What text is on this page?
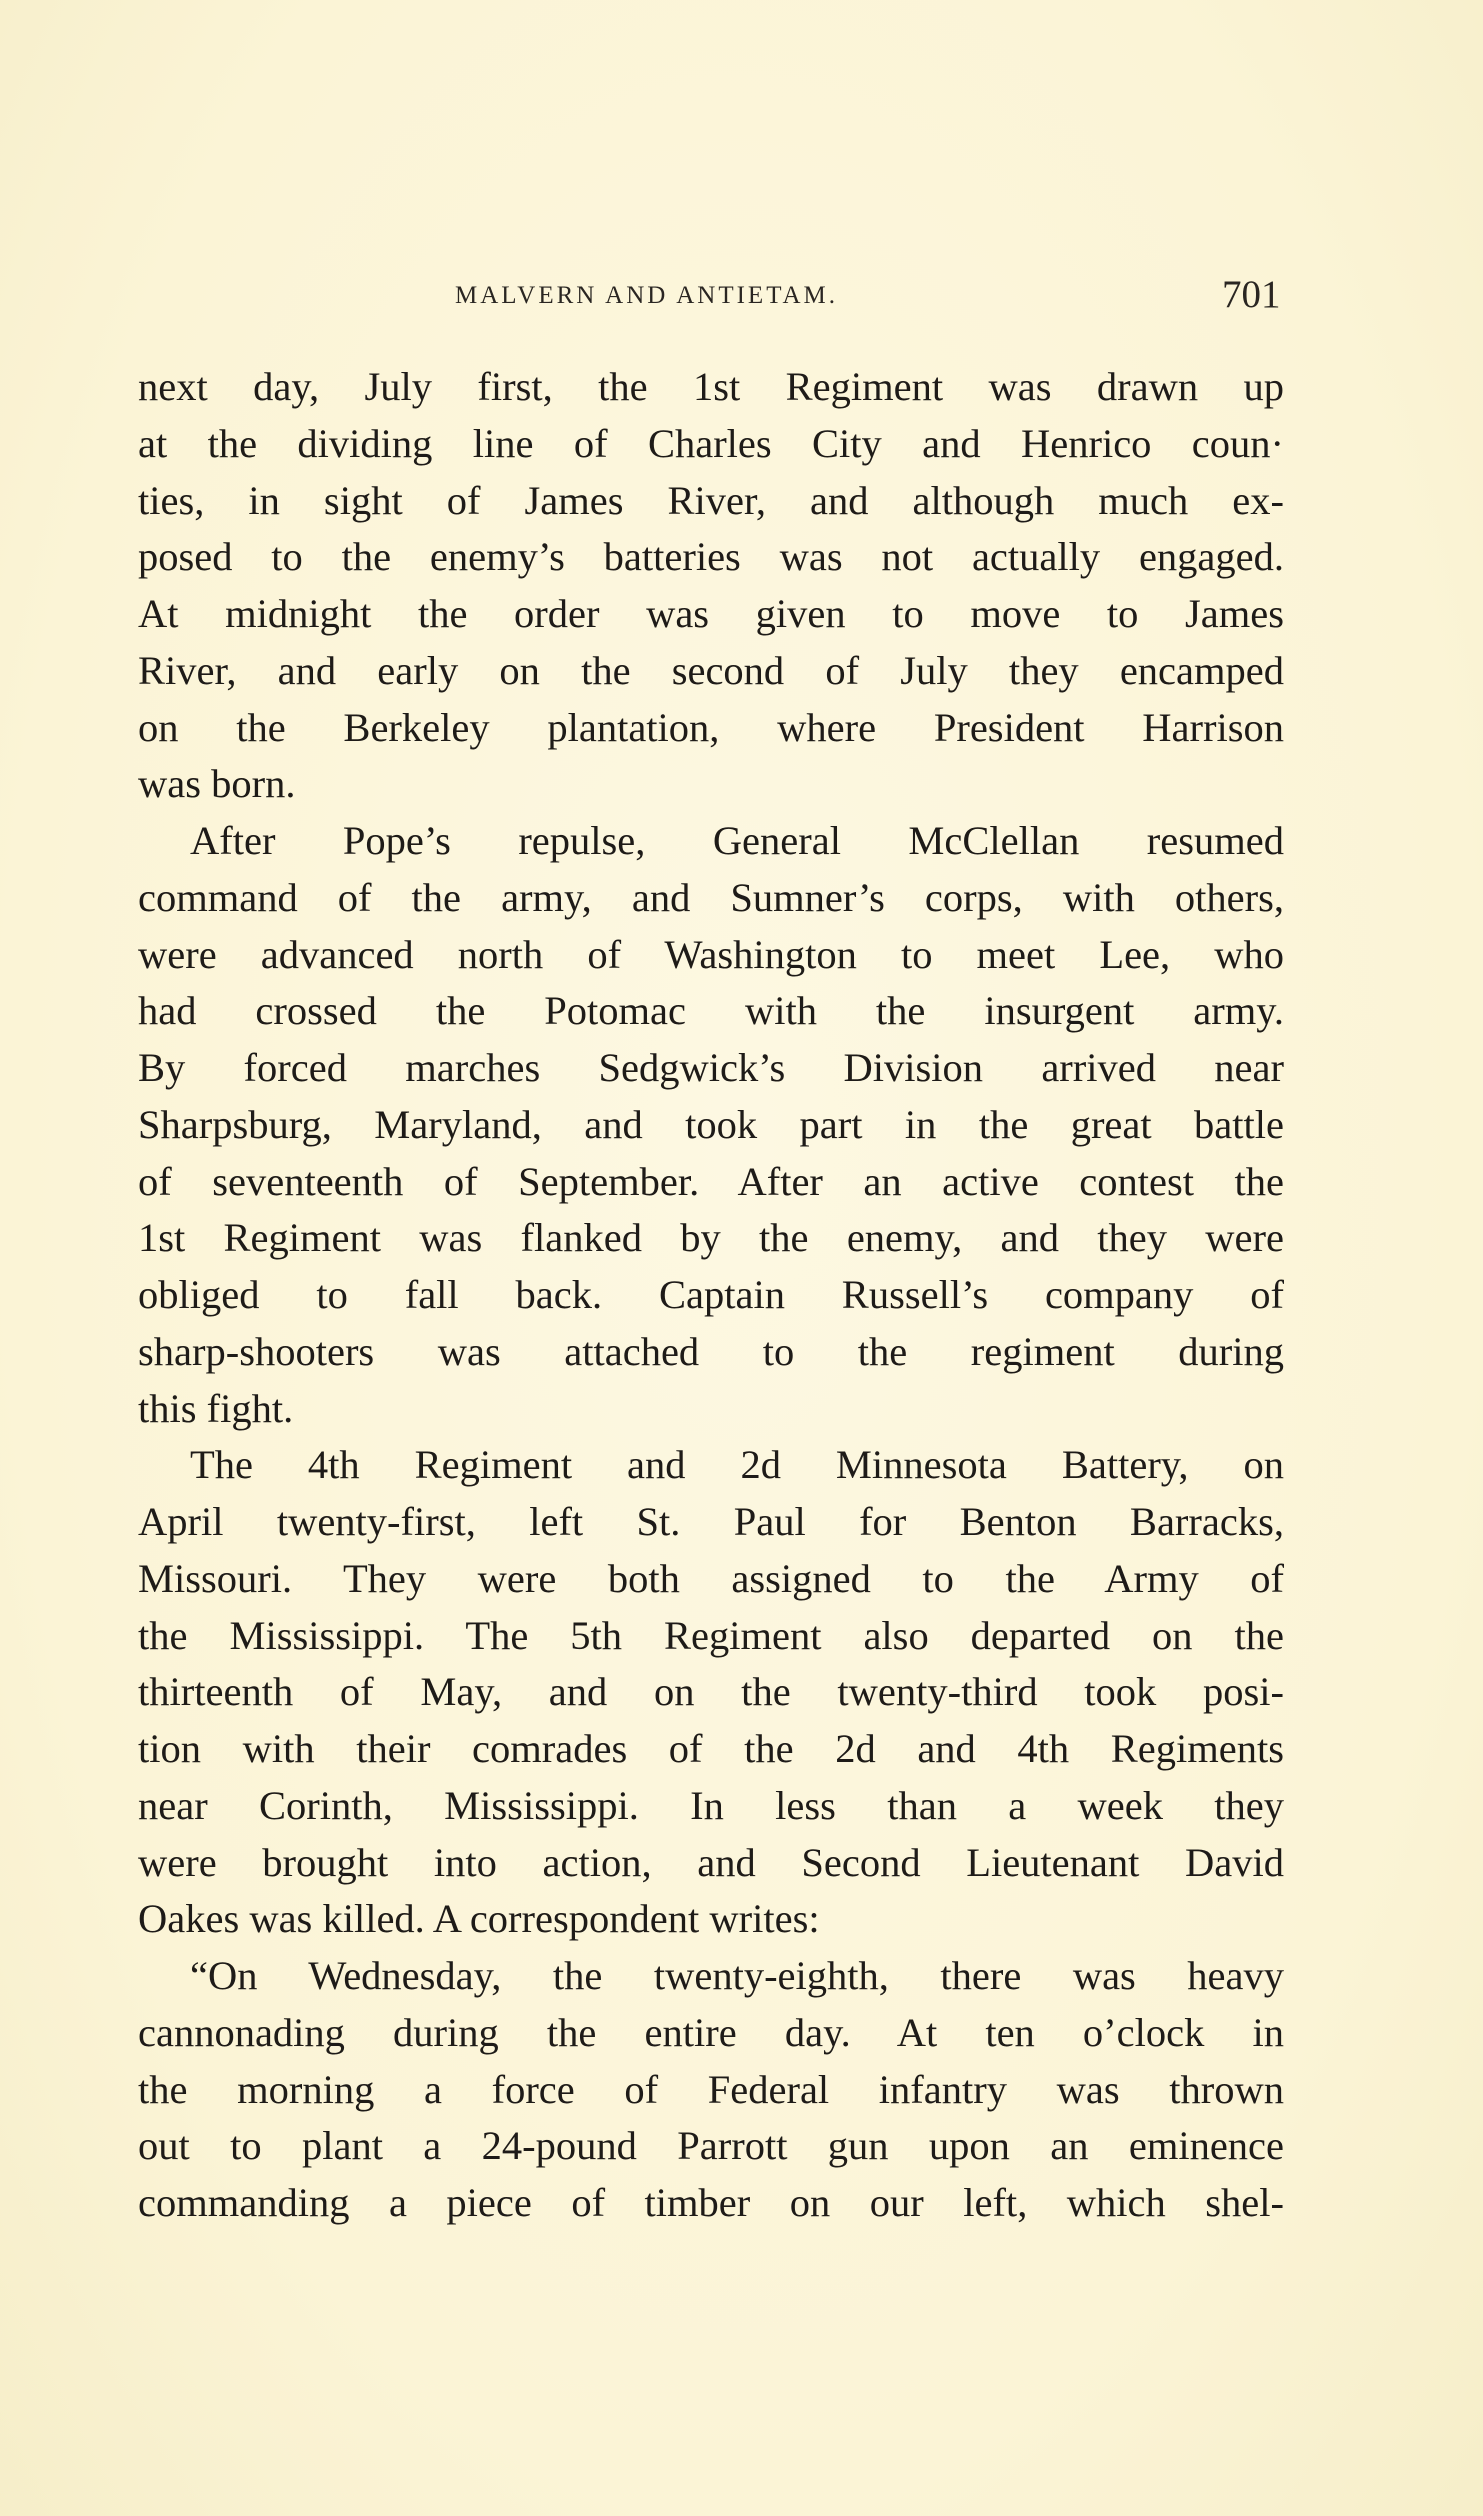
MALVERN AND ANTIETAM.	701
next day, July first, the 1st Regiment was drawn up
at the dividing line of Charles City and Henrico coun·
ties, in sight of James River, and although much ex-
posed to the enemy’s batteries was not actually engaged.
At midnight the order was given to move to James
River, and early on the second of July they encamped
on the Berkeley plantation, where President Harrison
was born.
After Pope’s repulse, General McClellan resumed
command of the army, and Sumner’s corps, with others,
were advanced north of Washington to meet Lee, who
had crossed the Potomac with the insurgent army.
By forced marches Sedgwick’s Division arrived near
Sharpsburg, Maryland, and took part in the great battle
of seventeenth of September. After an active contest the
1st Regiment was flanked by the enemy, and they were
obliged to fall back. Captain Russell’s company of
sharp-shooters was attached to the regiment during
this fight.
The 4th Regiment and 2d Minnesota Battery, on
April twenty-first, left St. Paul for Benton Barracks,
Missouri. They were both assigned to the Army of
the Mississippi. The 5th Regiment also departed on the
thirteenth of May, and on the twenty-third took posi-
tion with their comrades of the 2d and 4th Regiments
near Corinth, Mississippi. In less than a week they
were brought into action, and Second Lieutenant David
Oakes was killed. A correspondent writes:
“On Wednesday, the twenty-eighth, there was heavy
cannonading during the entire day. At ten o’clock in
the morning a force of Federal infantry was thrown
out to plant a 24-pound Parrott gun upon an eminence
commanding a piece of timber on our left, which shel-
